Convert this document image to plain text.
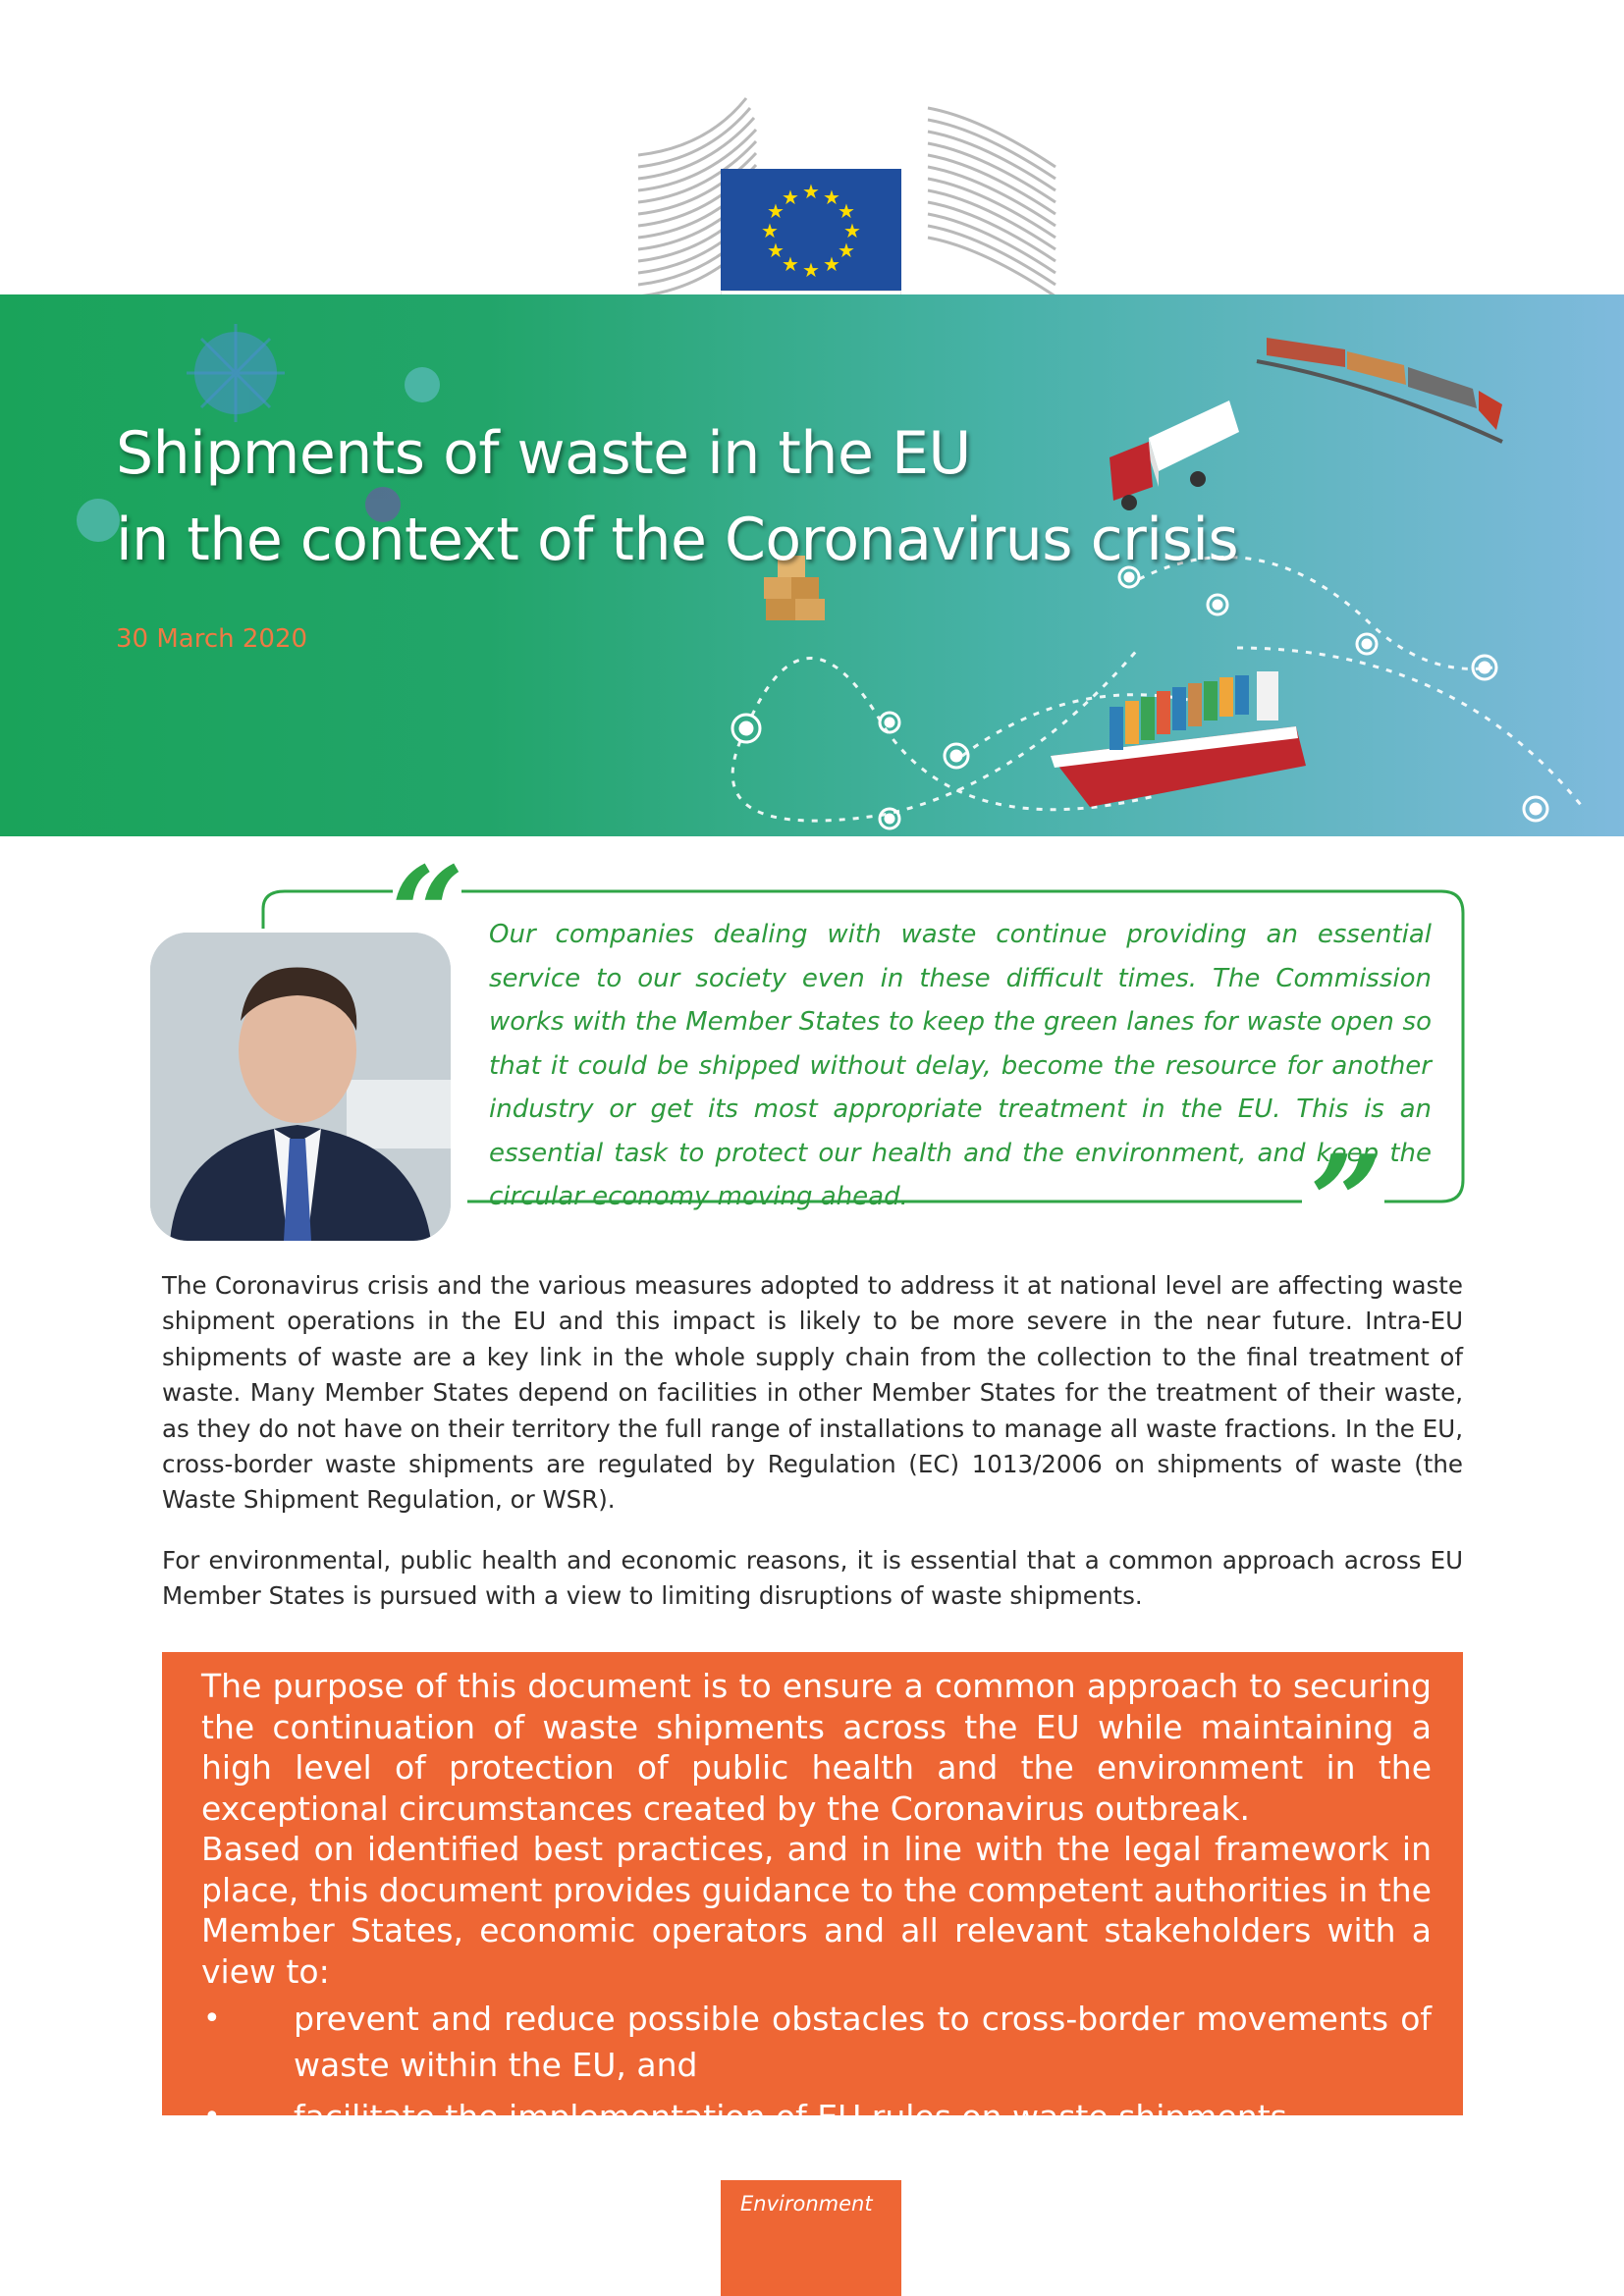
★ ★
★
★
★
★
★
★
★
★
★
★
Shipments of waste in the EU
in the context of the Coronavirus crisis
30 March 2020
“ Our companies dealing with waste continue providing an essential service to our society even in these difficult times. The Commission works with the Member States to keep the green lanes for waste open so that it could be shipped without delay, become the resource for another industry or get its most appropriate treatment in the EU. This is an essential task to protect our health and the environment, and keep the circular economy moving ahead.	”

The Coronavirus crisis and the various measures adopted to address it at national level are affecting waste shipment operations in the EU and this impact is likely to be more severe in the near future. Intra-EU shipments of waste are a key link in the whole supply chain from the collection to the final treatment of waste. Many Member States depend on facilities in other Member States for the treatment of their waste, as they do not have on their territory the full range of installations to manage all waste fractions. In the EU, cross-border waste shipments are regulated by Regulation (EC) 1013/2006 on shipments of waste (the Waste Shipment Regulation, or WSR).

For environmental, public health and economic reasons, it is essential that a common approach across EU Member States is pursued with a view to limiting disruptions of waste shipments.

The purpose of this document is to ensure a common approach to securing the continuation of waste shipments across the EU while maintaining a high level of protection of public health and the environment in the exceptional circumstances created by the Coronavirus outbreak.

Based on identified best practices, and in line with the legal framework in place, this document provides guidance to the competent authorities in the Member States, economic operators and all relevant stakeholders with a view to:

• prevent and reduce possible obstacles to cross-border movements of waste within the EU, and
• facilitate the implementation of EU rules on waste shipments.
Environment
